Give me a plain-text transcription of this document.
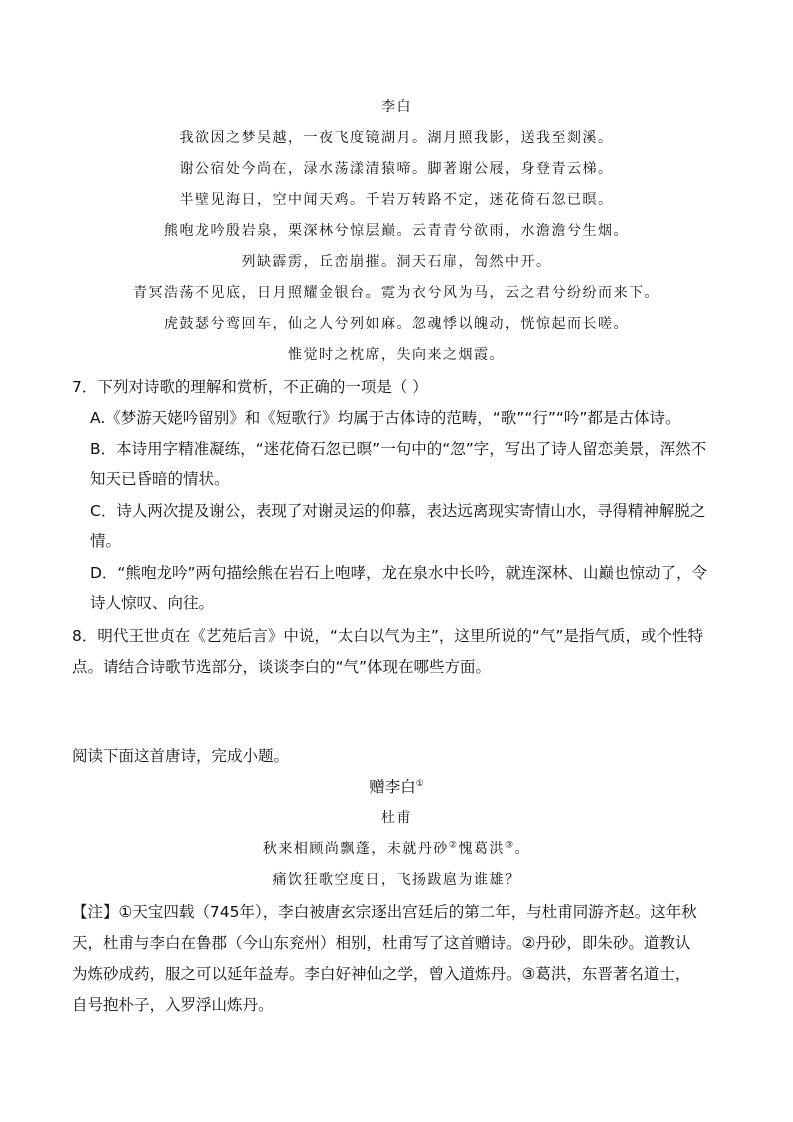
李白
我欲因之梦吴越，一夜飞度镜湖月。湖月照我影，送我至剡溪。
谢公宿处今尚在，渌水荡漾清猿啼。脚著谢公屐，身登青云梯。
半壁见海日，空中闻天鸡。千岩万转路不定，迷花倚石忽已暝。
熊咆龙吟殷岩泉，栗深林兮惊层巅。云青青兮欲雨，水澹澹兮生烟。
列缺霹雳，丘峦崩摧。洞天石扉，訇然中开。
青冥浩荡不见底，日月照耀金银台。霓为衣兮风为马，云之君兮纷纷而来下。
虎鼓瑟兮鸾回车，仙之人兮列如麻。忽魂悸以魄动，恍惊起而长嗟。
惟觉时之枕席，失向来之烟霞。
7．下列对诗歌的理解和赏析，不正确的一项是（ ）
A.《梦游天姥吟留别》和《短歌行》均属于古体诗的范畴，“歌”“行”“吟”都是古体诗。
B．本诗用字精准凝练，“迷花倚石忽已暝”一句中的“忽”字，写出了诗人留恋美景，浑然不
知天已昏暗的情状。
C．诗人两次提及谢公，表现了对谢灵运的仰慕，表达远离现实寄情山水，寻得精神解脱之
情。
D．“熊咆龙吟”两句描绘熊在岩石上咆哮，龙在泉水中长吟，就连深林、山巅也惊动了，令
诗人惊叹、向往。
8．明代王世贞在《艺苑后言》中说，“太白以气为主”，这里所说的“气”是指气质，或个性特
点。请结合诗歌节选部分，谈谈李白的“气”体现在哪些方面。
阅读下面这首唐诗，完成小题。
赠李白①
杜甫
秋来相顾尚飘蓬，未就丹砂②愧葛洪③。
痛饮狂歌空度日，飞扬跋扈为谁雄？
【注】①天宝四载（745年），李白被唐玄宗逐出宫廷后的第二年，与杜甫同游齐赵。这年秋
天，杜甫与李白在鲁郡（今山东兖州）相别，杜甫写了这首赠诗。②丹砂，即朱砂。道教认
为炼砂成药，服之可以延年益寿。李白好神仙之学，曾入道炼丹。③葛洪，东晋著名道士，
自号抱朴子，入罗浮山炼丹。
